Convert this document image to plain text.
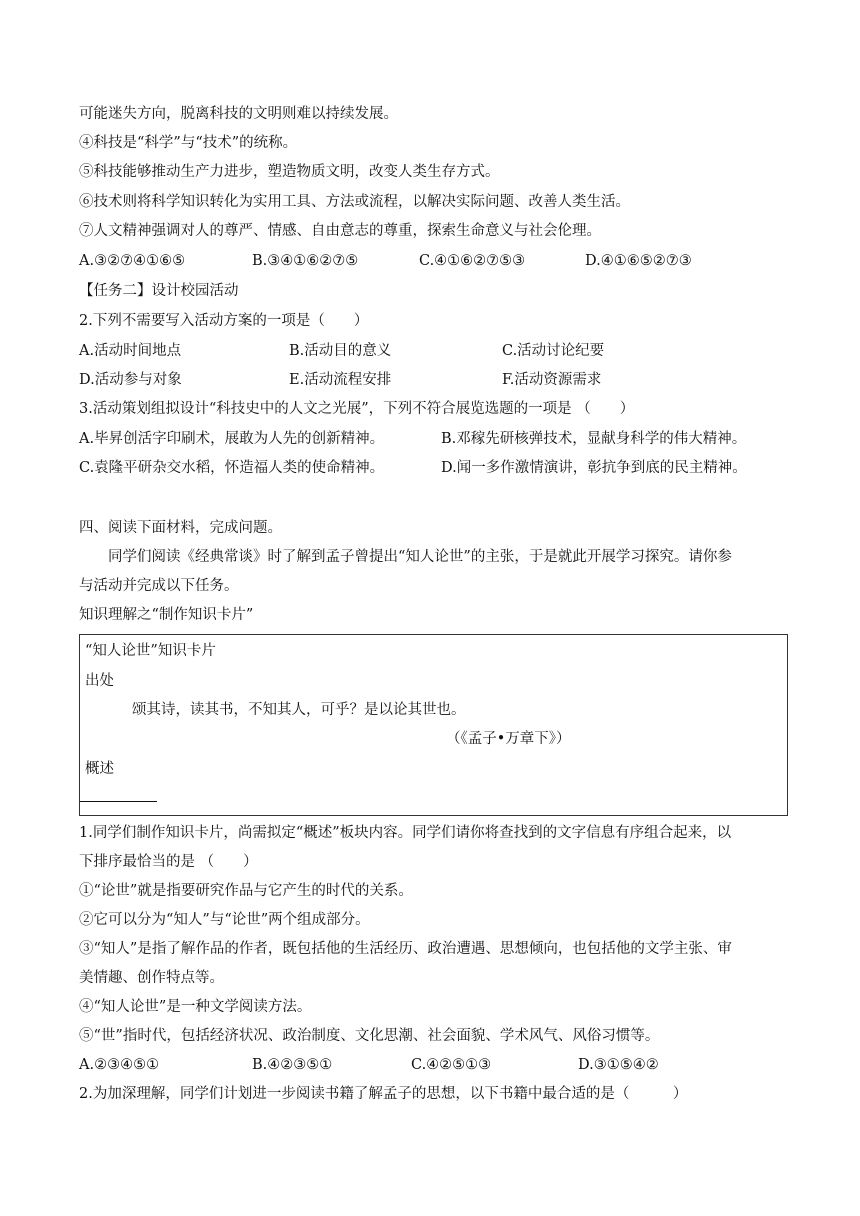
可能迷失方向，脱离科技的文明则难以持续发展。
④科技是“科学”与“技术”的统称。
⑤科技能够推动生产力进步，塑造物质文明，改变人类生存方式。
⑥技术则将科学知识转化为实用工具、方法或流程，以解决实际问题、改善人类生活。
⑦人文精神强调对人的尊严、情感、自由意志的尊重，探索生命意义与社会伦理。
A.③②⑦④①⑥⑤	B.③④①⑥②⑦⑤	C.④①⑥②⑦⑤③	D.④①⑥⑤②⑦③
【任务二】设计校园活动
2.下列不需要写入活动方案的一项是（　　）
A.活动时间地点	B.活动目的意义	C.活动讨论纪要
D.活动参与对象	E.活动流程安排	F.活动资源需求
3.活动策划组拟设计“科技史中的人文之光展”，下列不符合展览选题的一项是 （　　）
A.毕昇创活字印刷术，展敢为人先的创新精神。	B.邓稼先研核弹技术，显献身科学的伟大精神。
C.袁隆平研杂交水稻，怀造福人类的使命精神。	D.闻一多作激情演讲，彰抗争到底的民主精神。
四、阅读下面材料，完成问题。
同学们阅读《经典常谈》时了解到孟子曾提出“知人论世”的主张，于是就此开展学习探究。请你参
与活动并完成以下任务。
知识理解之“制作知识卡片”
“知人论世”知识卡片
出处
颂其诗，读其书，不知其人，可乎？是以论其世也。
（《孟子•万章下》）
概述
1.同学们制作知识卡片，尚需拟定“概述”板块内容。同学们请你将查找到的文字信息有序组合起来，以
下排序最恰当的是 （　　）
①“论世”就是指要研究作品与它产生的时代的关系。
②它可以分为“知人”与“论世”两个组成部分。
③“知人”是指了解作品的作者，既包括他的生活经历、政治遭遇、思想倾向，也包括他的文学主张、审
美情趣、创作特点等。
④“知人论世”是一种文学阅读方法。
⑤“世”指时代，包括经济状况、政治制度、文化思潮、社会面貌、学术风气、风俗习惯等。
A.②③④⑤①	B.④②③⑤①	C.④②⑤①③	D.③①⑤④②
2.为加深理解，同学们计划进一步阅读书籍了解孟子的思想，以下书籍中最合适的是（　　　）
